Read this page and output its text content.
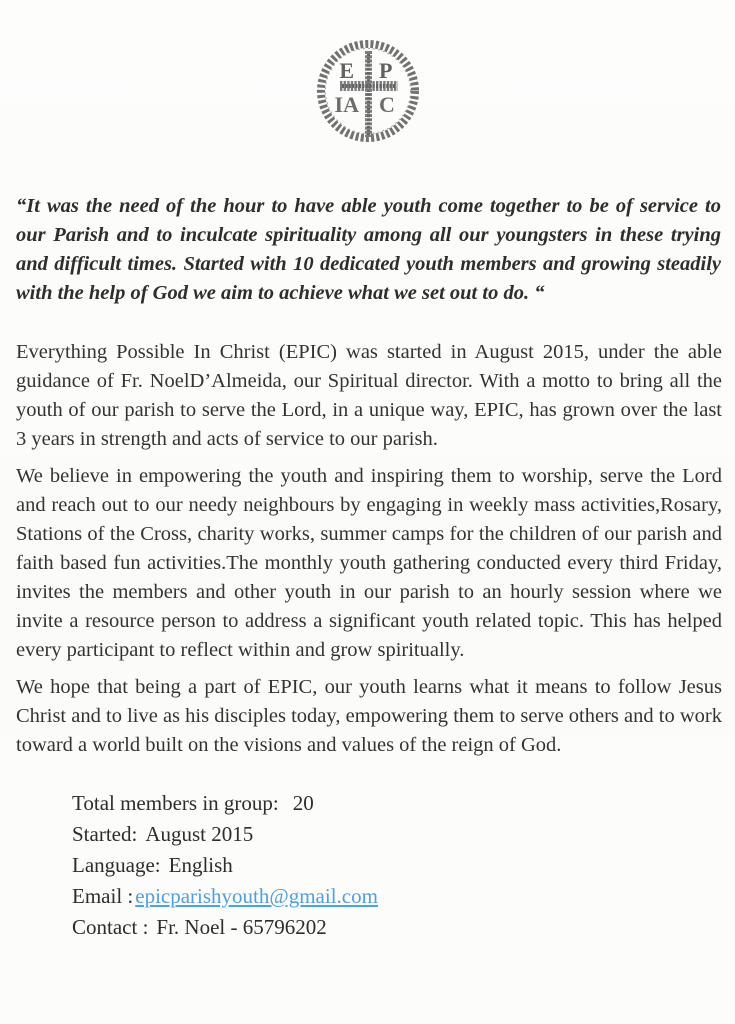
E P
IA C

“It was the need of the hour to have able youth come together to be of service to our Parish and to inculcate spirituality among all our youngsters in these trying and difficult times. Started with 10 dedicated youth members and growing steadily with the help of God we aim to achieve what we set out to do. “

Everything Possible In Christ (EPIC) was started in August 2015, under the able guidance of Fr. NoelD’Almeida, our Spiritual director. With a motto to bring all the youth of our parish to serve the Lord, in a unique way, EPIC, has grown over the last 3 years in strength and acts of service to our parish.

We believe in empowering the youth and inspiring them to worship, serve the Lord and reach out to our needy neighbours by engaging in weekly mass activities,Rosary, Stations of the Cross, charity works, summer camps for the children of our parish and faith based fun activities.The monthly youth gathering conducted every third Friday, invites the members and other youth in our parish to an hourly session where we invite a resource person to address a significant youth related topic. This has helped every participant to reflect within and grow spiritually.

We hope that being a part of EPIC, our youth learns what it means to follow Jesus Christ and to live as his disciples today, empowering them to serve others and to work toward a world built on the visions and values of the reign of God.

Total members in group: 20
Started: August 2015
Language: English
Email :epicparishyouth@gmail.com
Contact : Fr. Noel - 65796202
